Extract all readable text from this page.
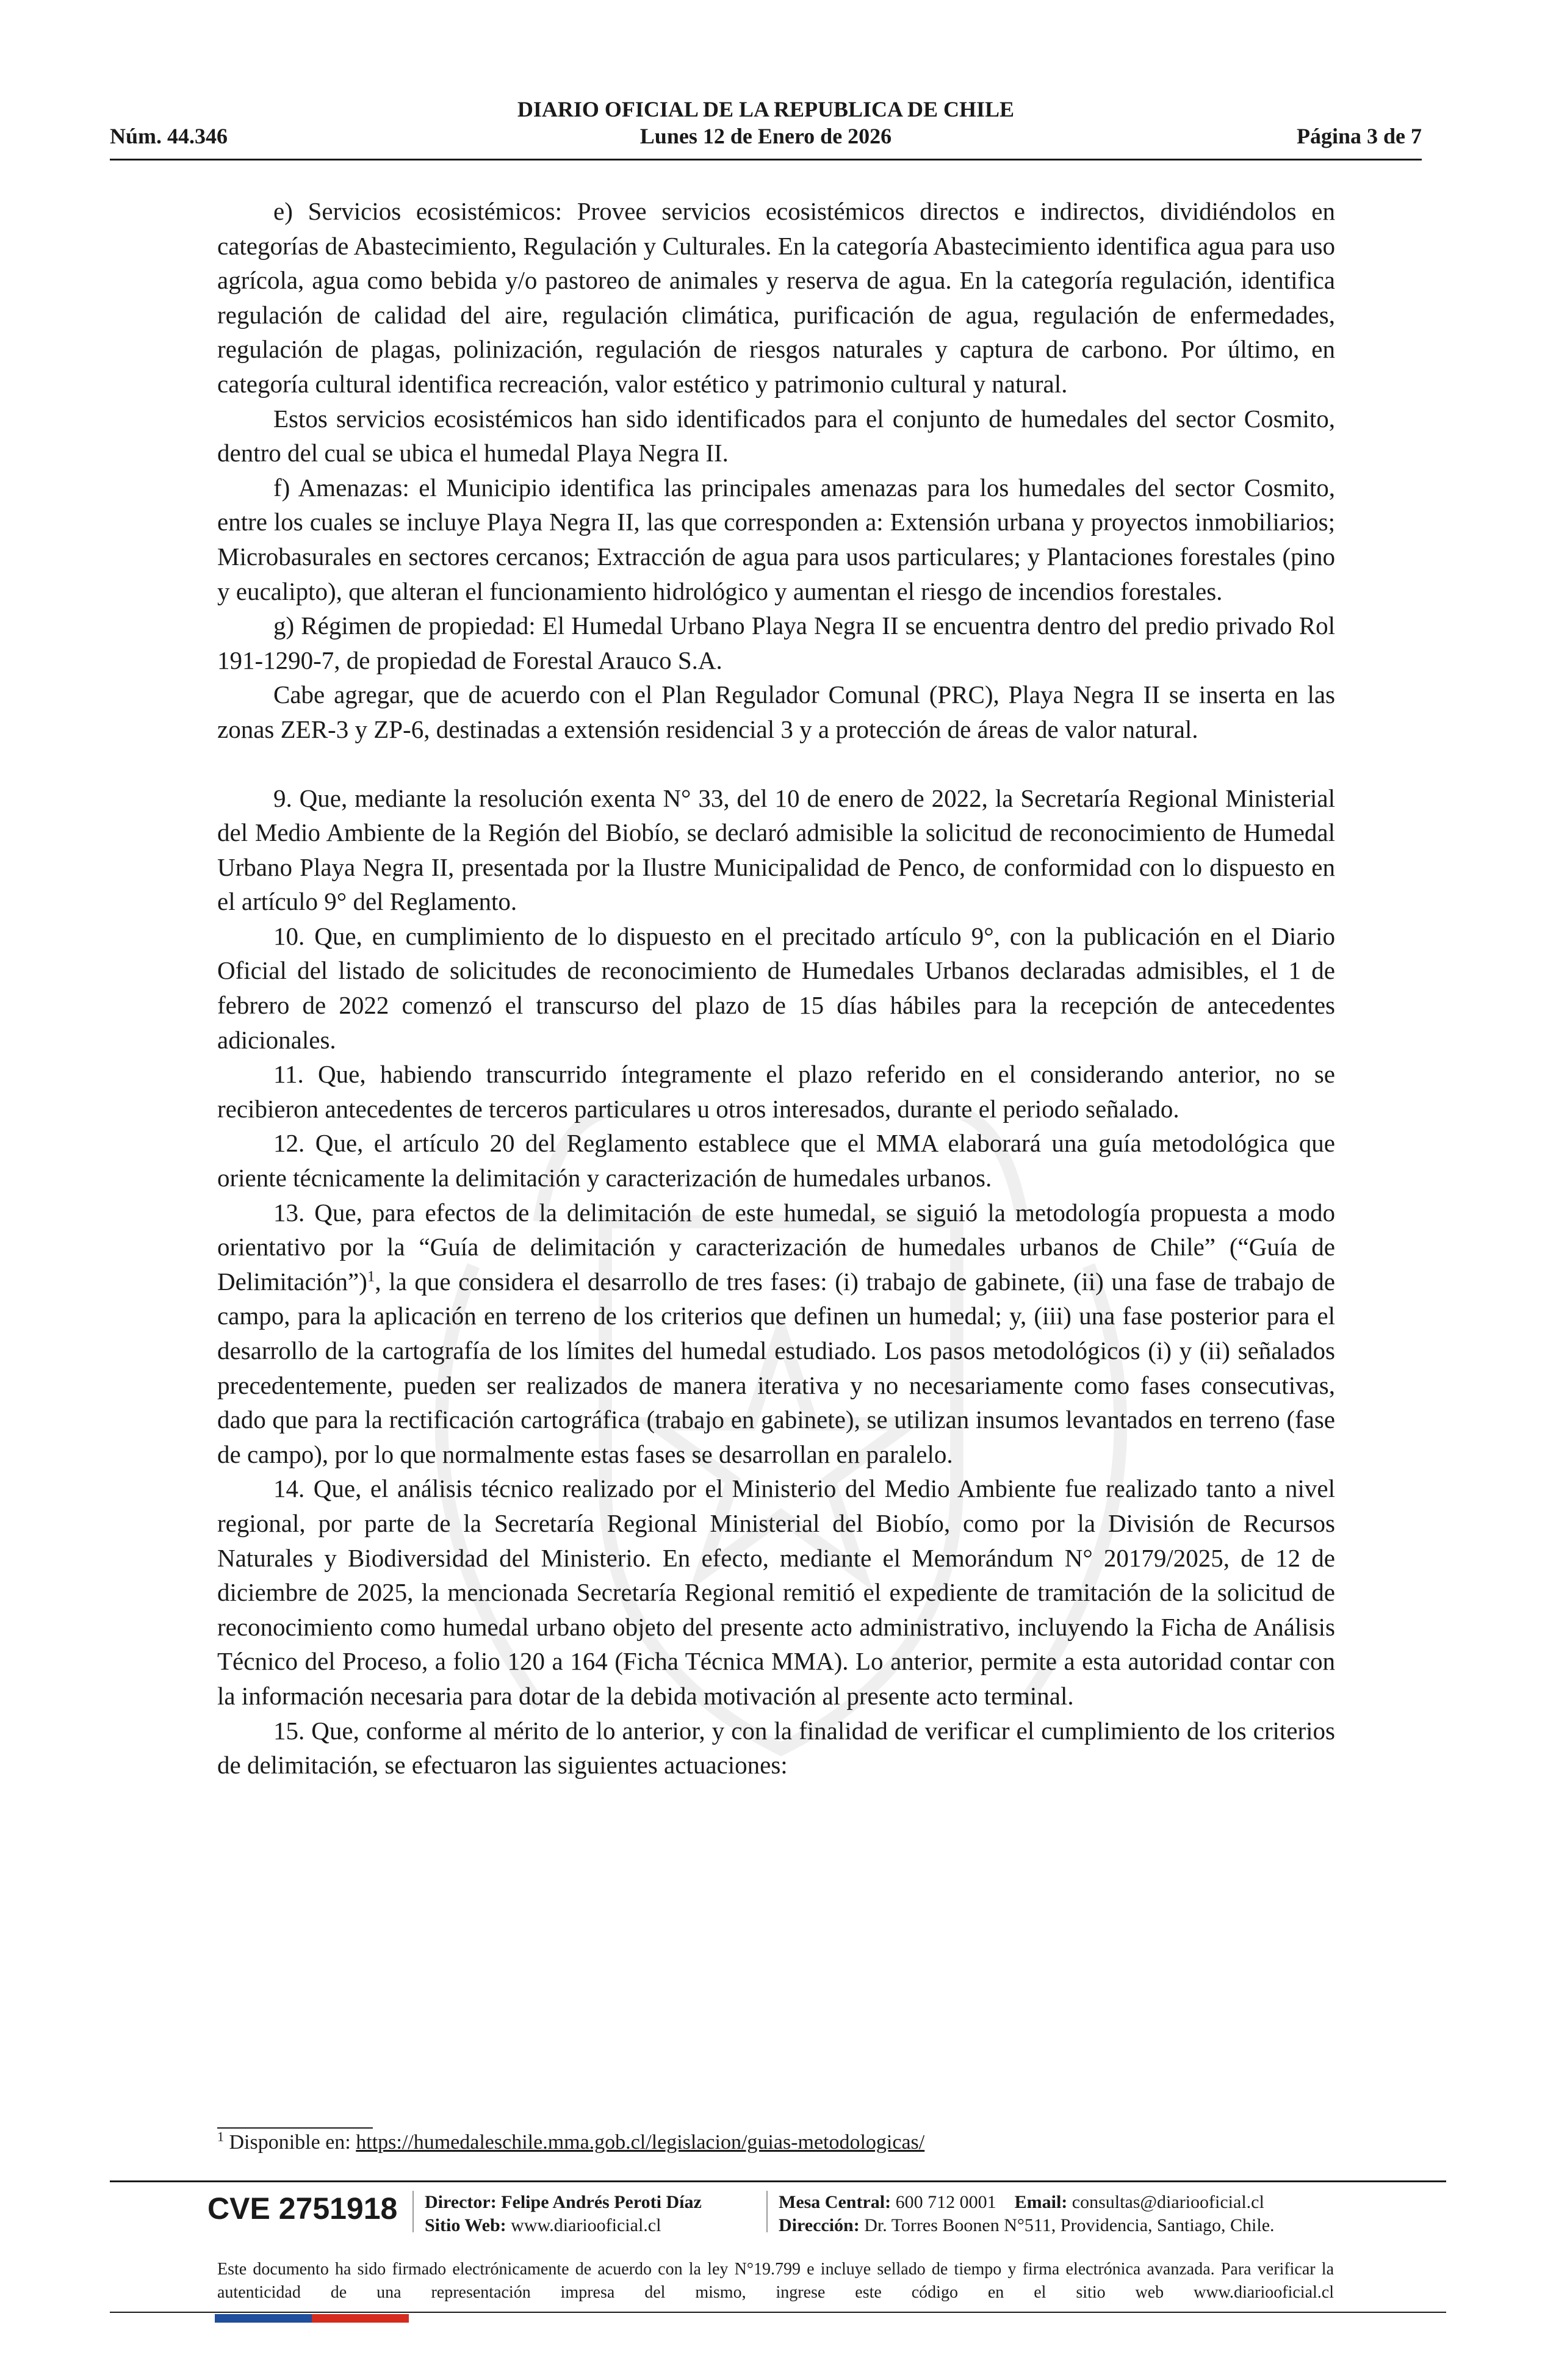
DIARIO OFICIAL DE LA REPUBLICA DE CHILE
Núm. 44.346	Lunes 12 de Enero de 2026	Página 3 de 7

e) Servicios ecosistémicos: Provee servicios ecosistémicos directos e indirectos, dividiéndolos en categorías de Abastecimiento, Regulación y Culturales. En la categoría Abastecimiento identifica agua para uso agrícola, agua como bebida y/o pastoreo de animales y reserva de agua. En la categoría regulación, identifica regulación de calidad del aire, regulación climática, purificación de agua, regulación de enfermedades, regulación de plagas, polinización, regulación de riesgos naturales y captura de carbono. Por último, en categoría cultural identifica recreación, valor estético y patrimonio cultural y natural.

Estos servicios ecosistémicos han sido identificados para el conjunto de humedales del sector Cosmito, dentro del cual se ubica el humedal Playa Negra II.

f) Amenazas: el Municipio identifica las principales amenazas para los humedales del sector Cosmito, entre los cuales se incluye Playa Negra II, las que corresponden a: Extensión urbana y proyectos inmobiliarios; Microbasurales en sectores cercanos; Extracción de agua para usos particulares; y Plantaciones forestales (pino y eucalipto), que alteran el funcionamiento hidrológico y aumentan el riesgo de incendios forestales.

g) Régimen de propiedad: El Humedal Urbano Playa Negra II se encuentra dentro del predio privado Rol 191-1290-7, de propiedad de Forestal Arauco S.A.

Cabe agregar, que de acuerdo con el Plan Regulador Comunal (PRC), Playa Negra II se inserta en las zonas ZER-3 y ZP-6, destinadas a extensión residencial 3 y a protección de áreas de valor natural.

9. Que, mediante la resolución exenta N° 33, del 10 de enero de 2022, la Secretaría Regional Ministerial del Medio Ambiente de la Región del Biobío, se declaró admisible la solicitud de reconocimiento de Humedal Urbano Playa Negra II, presentada por la Ilustre Municipalidad de Penco, de conformidad con lo dispuesto en el artículo 9° del Reglamento.

10. Que, en cumplimiento de lo dispuesto en el precitado artículo 9°, con la publicación en el Diario Oficial del listado de solicitudes de reconocimiento de Humedales Urbanos declaradas admisibles, el 1 de febrero de 2022 comenzó el transcurso del plazo de 15 días hábiles para la recepción de antecedentes adicionales.

11. Que, habiendo transcurrido íntegramente el plazo referido en el considerando anterior, no se recibieron antecedentes de terceros particulares u otros interesados, durante el periodo señalado.

12. Que, el artículo 20 del Reglamento establece que el MMA elaborará una guía metodológica que oriente técnicamente la delimitación y caracterización de humedales urbanos.

13. Que, para efectos de la delimitación de este humedal, se siguió la metodología propuesta a modo orientativo por la “Guía de delimitación y caracterización de humedales urbanos de Chile” (“Guía de Delimitación”)$^1$, la que considera el desarrollo de tres fases: (i) trabajo de gabinete, (ii) una fase de trabajo de campo, para la aplicación en terreno de los criterios que definen un humedal; y, (iii) una fase posterior para el desarrollo de la cartografía de los límites del humedal estudiado. Los pasos metodológicos (i) y (ii) señalados precedentemente, pueden ser realizados de manera iterativa y no necesariamente como fases consecutivas, dado que para la rectificación cartográfica (trabajo en gabinete), se utilizan insumos levantados en terreno (fase de campo), por lo que normalmente estas fases se desarrollan en paralelo.

14. Que, el análisis técnico realizado por el Ministerio del Medio Ambiente fue realizado tanto a nivel regional, por parte de la Secretaría Regional Ministerial del Biobío, como por la División de Recursos Naturales y Biodiversidad del Ministerio. En efecto, mediante el Memorándum N° 20179/2025, de 12 de diciembre de 2025, la mencionada Secretaría Regional remitió el expediente de tramitación de la solicitud de reconocimiento como humedal urbano objeto del presente acto administrativo, incluyendo la Ficha de Análisis Técnico del Proceso, a folio 120 a 164 (Ficha Técnica MMA). Lo anterior, permite a esta autoridad contar con la información necesaria para dotar de la debida motivación al presente acto terminal.

15. Que, conforme al mérito de lo anterior, y con la finalidad de verificar el cumplimiento de los criterios de delimitación, se efectuaron las siguientes actuaciones:

$^1$ Disponible en: https://humedaleschile.mma.gob.cl/legislacion/guias-metodologicas/
CVE 2751918 Director: Felipe Andrés Peroti Díaz
Sitio Web: www.diariooficial.cl
Mesa Central: 600 712 0001 Email: consultas@diariooficial.cl
Dirección: Dr. Torres Boonen N°511, Providencia, Santiago, Chile.
Este documento ha sido firmado electrónicamente de acuerdo con la ley N°19.799 e incluye sellado de tiempo y firma electrónica avanzada. Para verificar la autenticidad de una representación impresa del mismo, ingrese este código en el sitio web www.diariooficial.cl
